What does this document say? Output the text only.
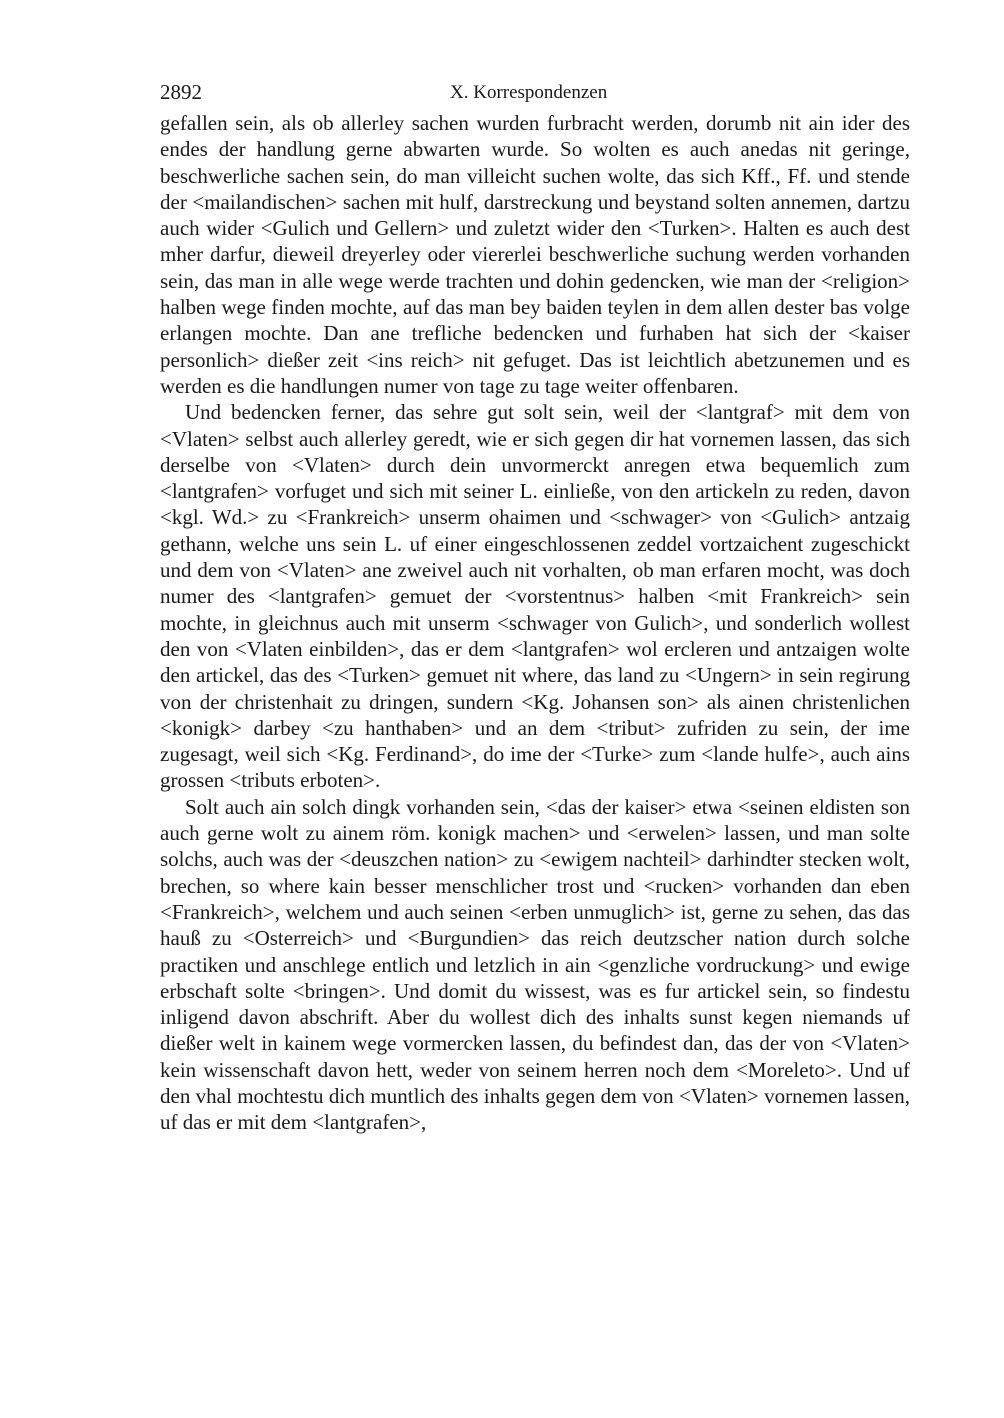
2892	X. Korrespondenzen

gefallen sein, als ob allerley sachen wurden furbracht werden, dorumb nit ain ider des endes der handlung gerne abwarten wurde. So wolten es auch anedas nit geringe, beschwerliche sachen sein, do man villeicht suchen wolte, das sich Kff., Ff. und stende der <mailandischen> sachen mit hulf, darstreckung und beystand solten annemen, dartzu auch wider <Gulich und Gellern> und zuletzt wider den <Turken>. Halten es auch dest mher darfur, dieweil dreyerley oder viererlei beschwerliche suchung werden vorhanden sein, das man in alle wege werde trachten und dohin gedencken, wie man der <religion> halben wege finden mochte, auf das man bey baiden teylen in dem allen dester bas volge erlangen mochte. Dan ane trefliche bedencken und furhaben hat sich der <kaiser personlich> dießer zeit <ins reich> nit gefuget. Das ist leichtlich abetzunemen und es werden es die handlungen numer von tage zu tage weiter offenbaren.

Und bedencken ferner, das sehre gut solt sein, weil der <lantgraf> mit dem von <Vlaten> selbst auch allerley geredt, wie er sich gegen dir hat vornemen lassen, das sich derselbe von <Vlaten> durch dein unvormerckt anregen etwa bequemlich zum <lantgrafen> vorfuget und sich mit seiner L. einließe, von den artickeln zu reden, davon <kgl. Wd.> zu <Frankreich> unserm ohaimen und <schwager> von <Gulich> antzaig gethann, welche uns sein L. uf einer eingeschlossenen zeddel vortzaichent zugeschickt und dem von <Vlaten> ane zweivel auch nit vorhalten, ob man erfaren mocht, was doch numer des <lantgrafen> gemuet der <vorstentnus> halben <mit Frankreich> sein mochte, in gleichnus auch mit unserm <schwager von Gulich>, und sonderlich wollest den von <Vlaten einbilden>, das er dem <lantgrafen> wol ercleren und antzaigen wolte den artickel, das des <Turken> gemuet nit where, das land zu <Ungern> in sein regirung von der christenhait zu dringen, sundern <Kg. Johansen son> als ainen christenlichen <konigk> darbey <zu hanthaben> und an dem <tribut> zufriden zu sein, der ime zugesagt, weil sich <Kg. Ferdinand>, do ime der <Turke> zum <lande hulfe>, auch ains grossen <tributs erboten>.

Solt auch ain solch dingk vorhanden sein, <das der kaiser> etwa <seinen eldisten son auch gerne wolt zu ainem röm. konigk machen> und <erwelen> lassen, und man solte solchs, auch was der <deuszchen nation> zu <ewigem nachteil> darhindter stecken wolt, brechen, so where kain besser menschlicher trost und <rucken> vorhanden dan eben <Frankreich>, welchem und auch seinen <erben unmuglich> ist, gerne zu sehen, das das hauß zu <Osterreich> und <Burgundien> das reich deutzscher nation durch solche practiken und anschlege entlich und letzlich in ain <genzliche vordruckung> und ewige erbschaft solte <bringen>. Und domit du wissest, was es fur artickel sein, so findestu inligend davon abschrift. Aber du wollest dich des inhalts sunst kegen niemands uf dießer welt in kainem wege vormercken lassen, du befindest dan, das der von <Vlaten> kein wissenschaft davon hett, weder von seinem herren noch dem <Moreleto>. Und uf den vhal mochtestu dich muntlich des inhalts gegen dem von <Vlaten> vornemen lassen, uf das er mit dem <lantgrafen>,
